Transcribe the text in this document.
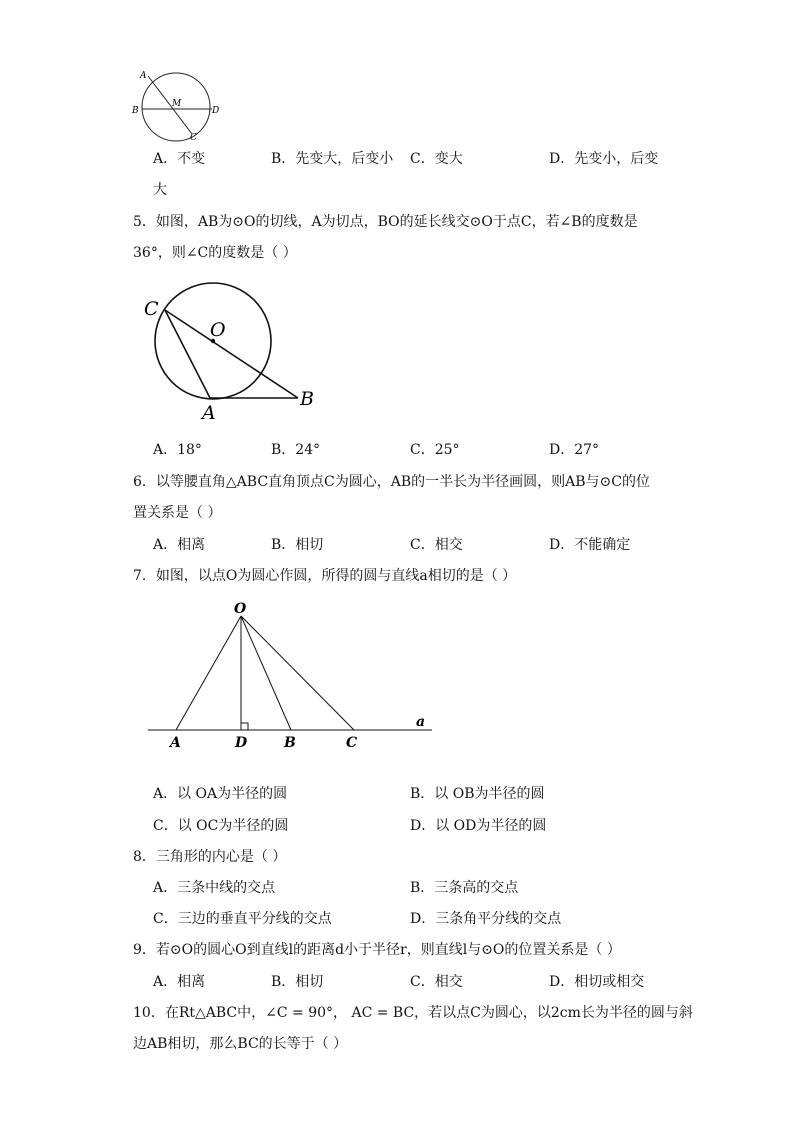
A
B
M
D
C
A．不变	B．先变大，后变小 C．变大	D．先变小，后变
大
5．如图，AB为⊙O的切线，A为切点，BO的延长线交⊙O于点C，若∠B的度数是
36°，则∠C的度数是（ ）
C
O
A
B
A．18°	B．24°	C．25°	D．27°
6．以等腰直角△ABC直角顶点C为圆心，AB的一半长为半径画圆，则AB与⊙C的位
置关系是（ ）
A．相离	B．相切	C．相交	D．不能确定
7．如图，以点O为圆心作圆，所得的圆与直线a相切的是（ ）
O
A	D	B	C
a
A．以 OA为半径的圆	B．以 OB为半径的圆
C．以 OC为半径的圆	D．以 OD为半径的圆
8．三角形的内心是（ ）
A．三条中线的交点	B．三条高的交点
C．三边的垂直平分线的交点	D．三条角平分线的交点
9．若⊙O的圆心O到直线l的距离d小于半径r，则直线l与⊙O的位置关系是（ ）
A．相离	B．相切	C．相交	D．相切或相交
10．在Rt△ABC中，∠C = 90°， AC = BC，若以点C为圆心，以2cm长为半径的圆与斜
边AB相切，那么BC的长等于（ ）
